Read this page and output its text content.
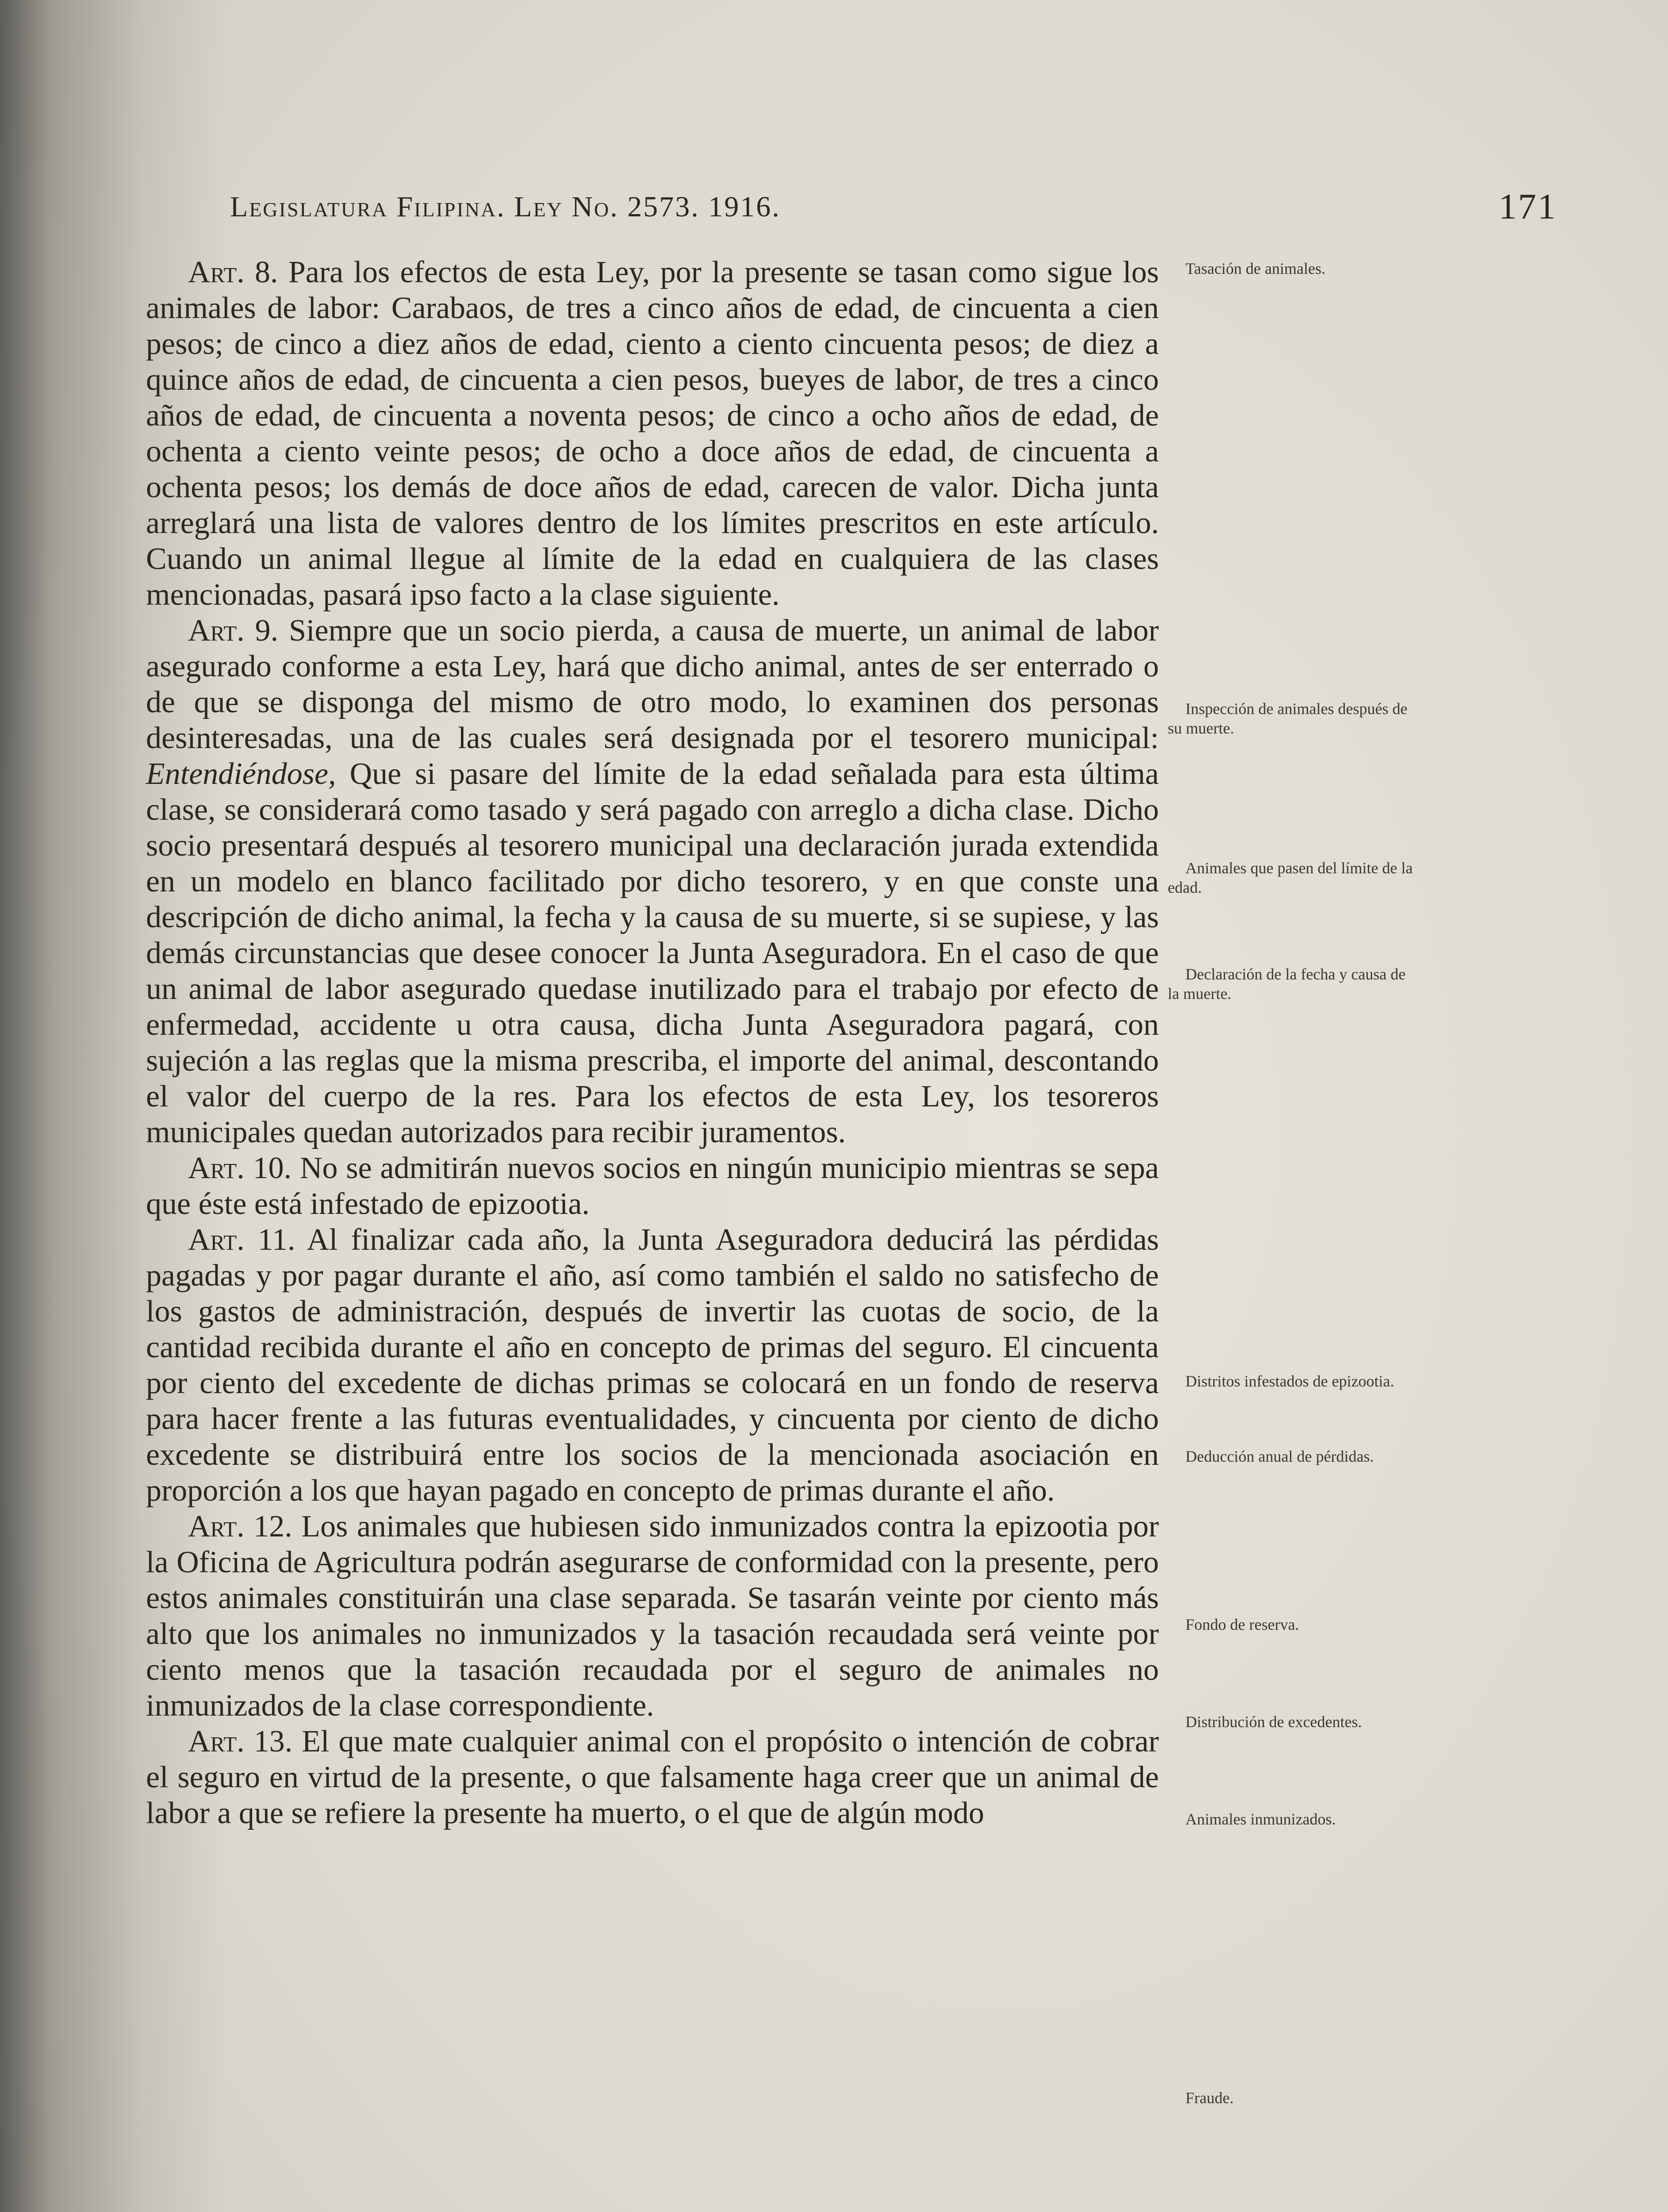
Legislatura Filipina. Ley No. 2573. 1916.	171

Art. 8. Para los efectos de esta Ley, por la presente se tasan como sigue los animales de labor: Carabaos, de tres a cinco años de edad, de cincuenta a cien pesos; de cinco a diez años de edad, ciento a ciento cincuenta pesos; de diez a quince años de edad, de cincuenta a cien pesos, bueyes de labor, de tres a cinco años de edad, de cincuenta a noventa pesos; de cinco a ocho años de edad, de ochenta a ciento veinte pesos; de ocho a doce años de edad, de cincuenta a ochenta pesos; los demás de doce años de edad, carecen de valor. Dicha junta arreglará una lista de valores dentro de los límites prescritos en este artículo. Cuando un animal llegue al límite de la edad en cualquiera de las clases mencionadas, pasará ipso facto a la clase siguiente.

Art. 9. Siempre que un socio pierda, a causa de muerte, un animal de labor asegurado conforme a esta Ley, hará que dicho animal, antes de ser enterrado o de que se disponga del mismo de otro modo, lo examinen dos personas desinteresadas, una de las cuales será designada por el tesorero municipal: Entendiéndose, Que si pasare del límite de la edad señalada para esta última clase, se considerará como tasado y será pagado con arreglo a dicha clase. Dicho socio presentará después al tesorero municipal una declaración jurada extendida en un modelo en blanco facilitado por dicho tesorero, y en que conste una descripción de dicho animal, la fecha y la causa de su muerte, si se supiese, y las demás circunstancias que desee conocer la Junta Aseguradora. En el caso de que un animal de labor asegurado quedase inutilizado para el trabajo por efecto de enfermedad, accidente u otra causa, dicha Junta Aseguradora pagará, con sujeción a las reglas que la misma prescriba, el importe del animal, descontando el valor del cuerpo de la res. Para los efectos de esta Ley, los tesoreros municipales quedan autorizados para recibir juramentos.

Art. 10. No se admitirán nuevos socios en ningún municipio mientras se sepa que éste está infestado de epizootia.

Art. 11. Al finalizar cada año, la Junta Aseguradora deducirá las pérdidas pagadas y por pagar durante el año, así como también el saldo no satisfecho de los gastos de administración, después de invertir las cuotas de socio, de la cantidad recibida durante el año en concepto de primas del seguro. El cincuenta por ciento del excedente de dichas primas se colocará en un fondo de reserva para hacer frente a las futuras eventualidades, y cincuenta por ciento de dicho excedente se distribuirá entre los socios de la mencionada asociación en proporción a los que hayan pagado en concepto de primas durante el año.

Art. 12. Los animales que hubiesen sido inmunizados contra la epizootia por la Oficina de Agricultura podrán asegurarse de conformidad con la presente, pero estos animales constituirán una clase separada. Se tasarán veinte por ciento más alto que los animales no inmunizados y la tasación recaudada será veinte por ciento menos que la tasación recaudada por el seguro de animales no inmunizados de la clase correspondiente.

Art. 13. El que mate cualquier animal con el propósito o intención de cobrar el seguro en virtud de la presente, o que falsamente haga creer que un animal de labor a que se refiere la presente ha muerto, o el que de algún modo

Tasación de animales.
Inspección de animales después de su muerte.
Animales que pasen del límite de la edad.
Declaración de la fecha y causa de la muerte.
Distritos infestados de epizootia.
Deducción anual de pérdidas.
Fondo de reserva.
Distribución de excedentes.
Animales inmunizados.
Fraude.
